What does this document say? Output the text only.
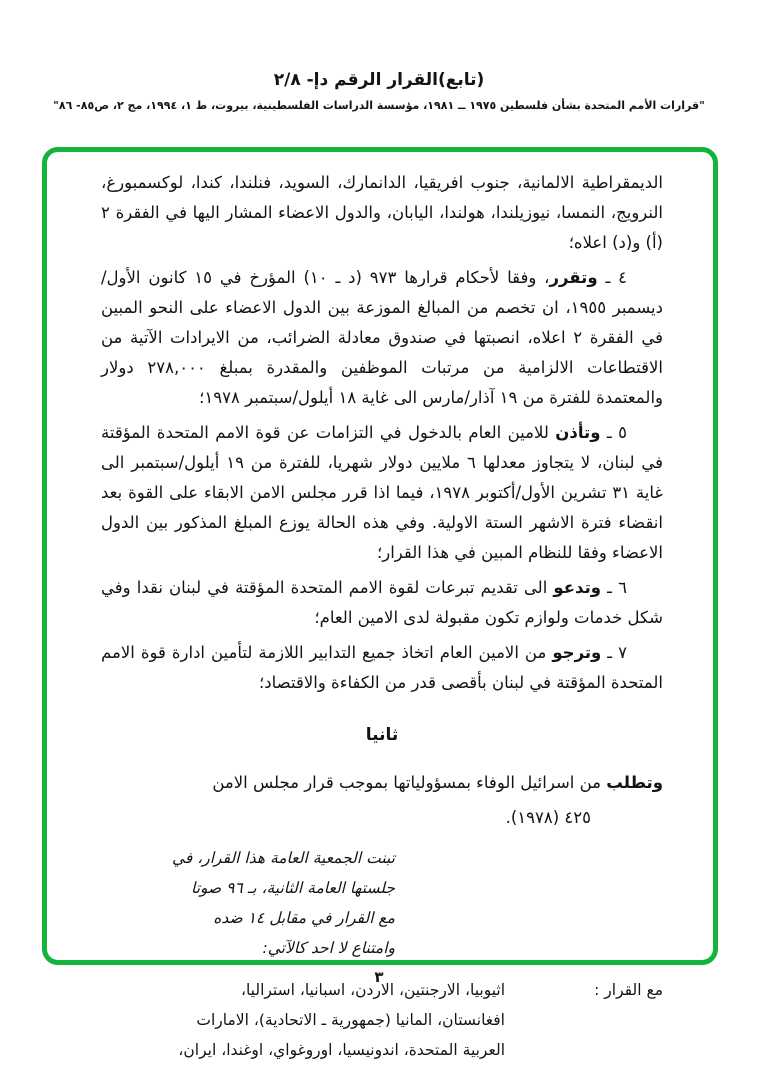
(تابع)القرار الرقم دإ- ٢/٨
"قرارات الأمم المتحدة بشأن فلسطين ١٩٧٥ ــ ١٩٨١، مؤسسة الدراسات الفلسطينية، بيروت، ط ١، ١٩٩٤، مج ٢، ص٨٥- ٨٦"

الديمقراطية الالمانية، جنوب افريقيا، الدانمارك، السويد، فنلندا، كندا، لوكسمبورغ، النرويج، النمسا، نيوزيلندا، هولندا، اليابان، والدول الاعضاء المشار اليها في الفقرة ٢ (أ) و(د) اعلاه؛

٤ ـ وتقرر، وفقا لأحكام قرارها ٩٧٣ (د ـ ١٠) المؤرخ في ١٥ كانون الأول/ديسمبر ١٩٥٥، ان تخصم من المبالغ الموزعة بين الدول الاعضاء على النحو المبين في الفقرة ٢ اعلاه، انصبتها في صندوق معادلة الضرائب، من الايرادات الآتية من الاقتطاعات الالزامية من مرتبات الموظفين والمقدرة بمبلغ ٢٧٨,٠٠٠ دولار والمعتمدة للفترة من ١٩ آذار/مارس الى غاية ١٨ أيلول/سبتمبر ١٩٧٨؛

٥ ـ وتأذن للامين العام بالدخول في التزامات عن قوة الامم المتحدة المؤقتة في لبنان، لا يتجاوز معدلها ٦ ملايين دولار شهريا، للفترة من ١٩ أيلول/سبتمبر الى غاية ٣١ تشرين الأول/أكتوبر ١٩٧٨، فيما اذا قرر مجلس الامن الابقاء على القوة بعد انقضاء فترة الاشهر الستة الاولية. وفي هذه الحالة يوزع المبلغ المذكور بين الدول الاعضاء وفقا للنظام المبين في هذا القرار؛

٦ ـ وتدعو الى تقديم تبرعات لقوة الامم المتحدة المؤقتة في لبنان نقدا وفي شكل خدمات ولوازم تكون مقبولة لدى الامين العام؛

٧ ـ وترجو من الامين العام اتخاذ جميع التدابير اللازمة لتأمين ادارة قوة الامم المتحدة المؤقتة في لبنان بأقصى قدر من الكفاءة والاقتصاد؛

ثانيا

وتطلب من اسرائيل الوفاء بمسؤولياتها بموجب قرار مجلس الامن

٤٢٥ (١٩٧٨).
تبنت الجمعية العامة هذا القرار، في
جلستها العامة الثانية، بـ ٩٦ صوتا
مع القرار في مقابل ١٤ ضده
وامتناع لا احد كالآتي:
مع القرار :
اثيوبيا، الارجنتين، الاردن، اسبانيا، استراليا،
افغانستان، المانيا (جمهورية ـ الاتحادية)، الامارات
العربية المتحدة، اندونيسيا، اوروغواي، اوغندا، ايران،
٣
